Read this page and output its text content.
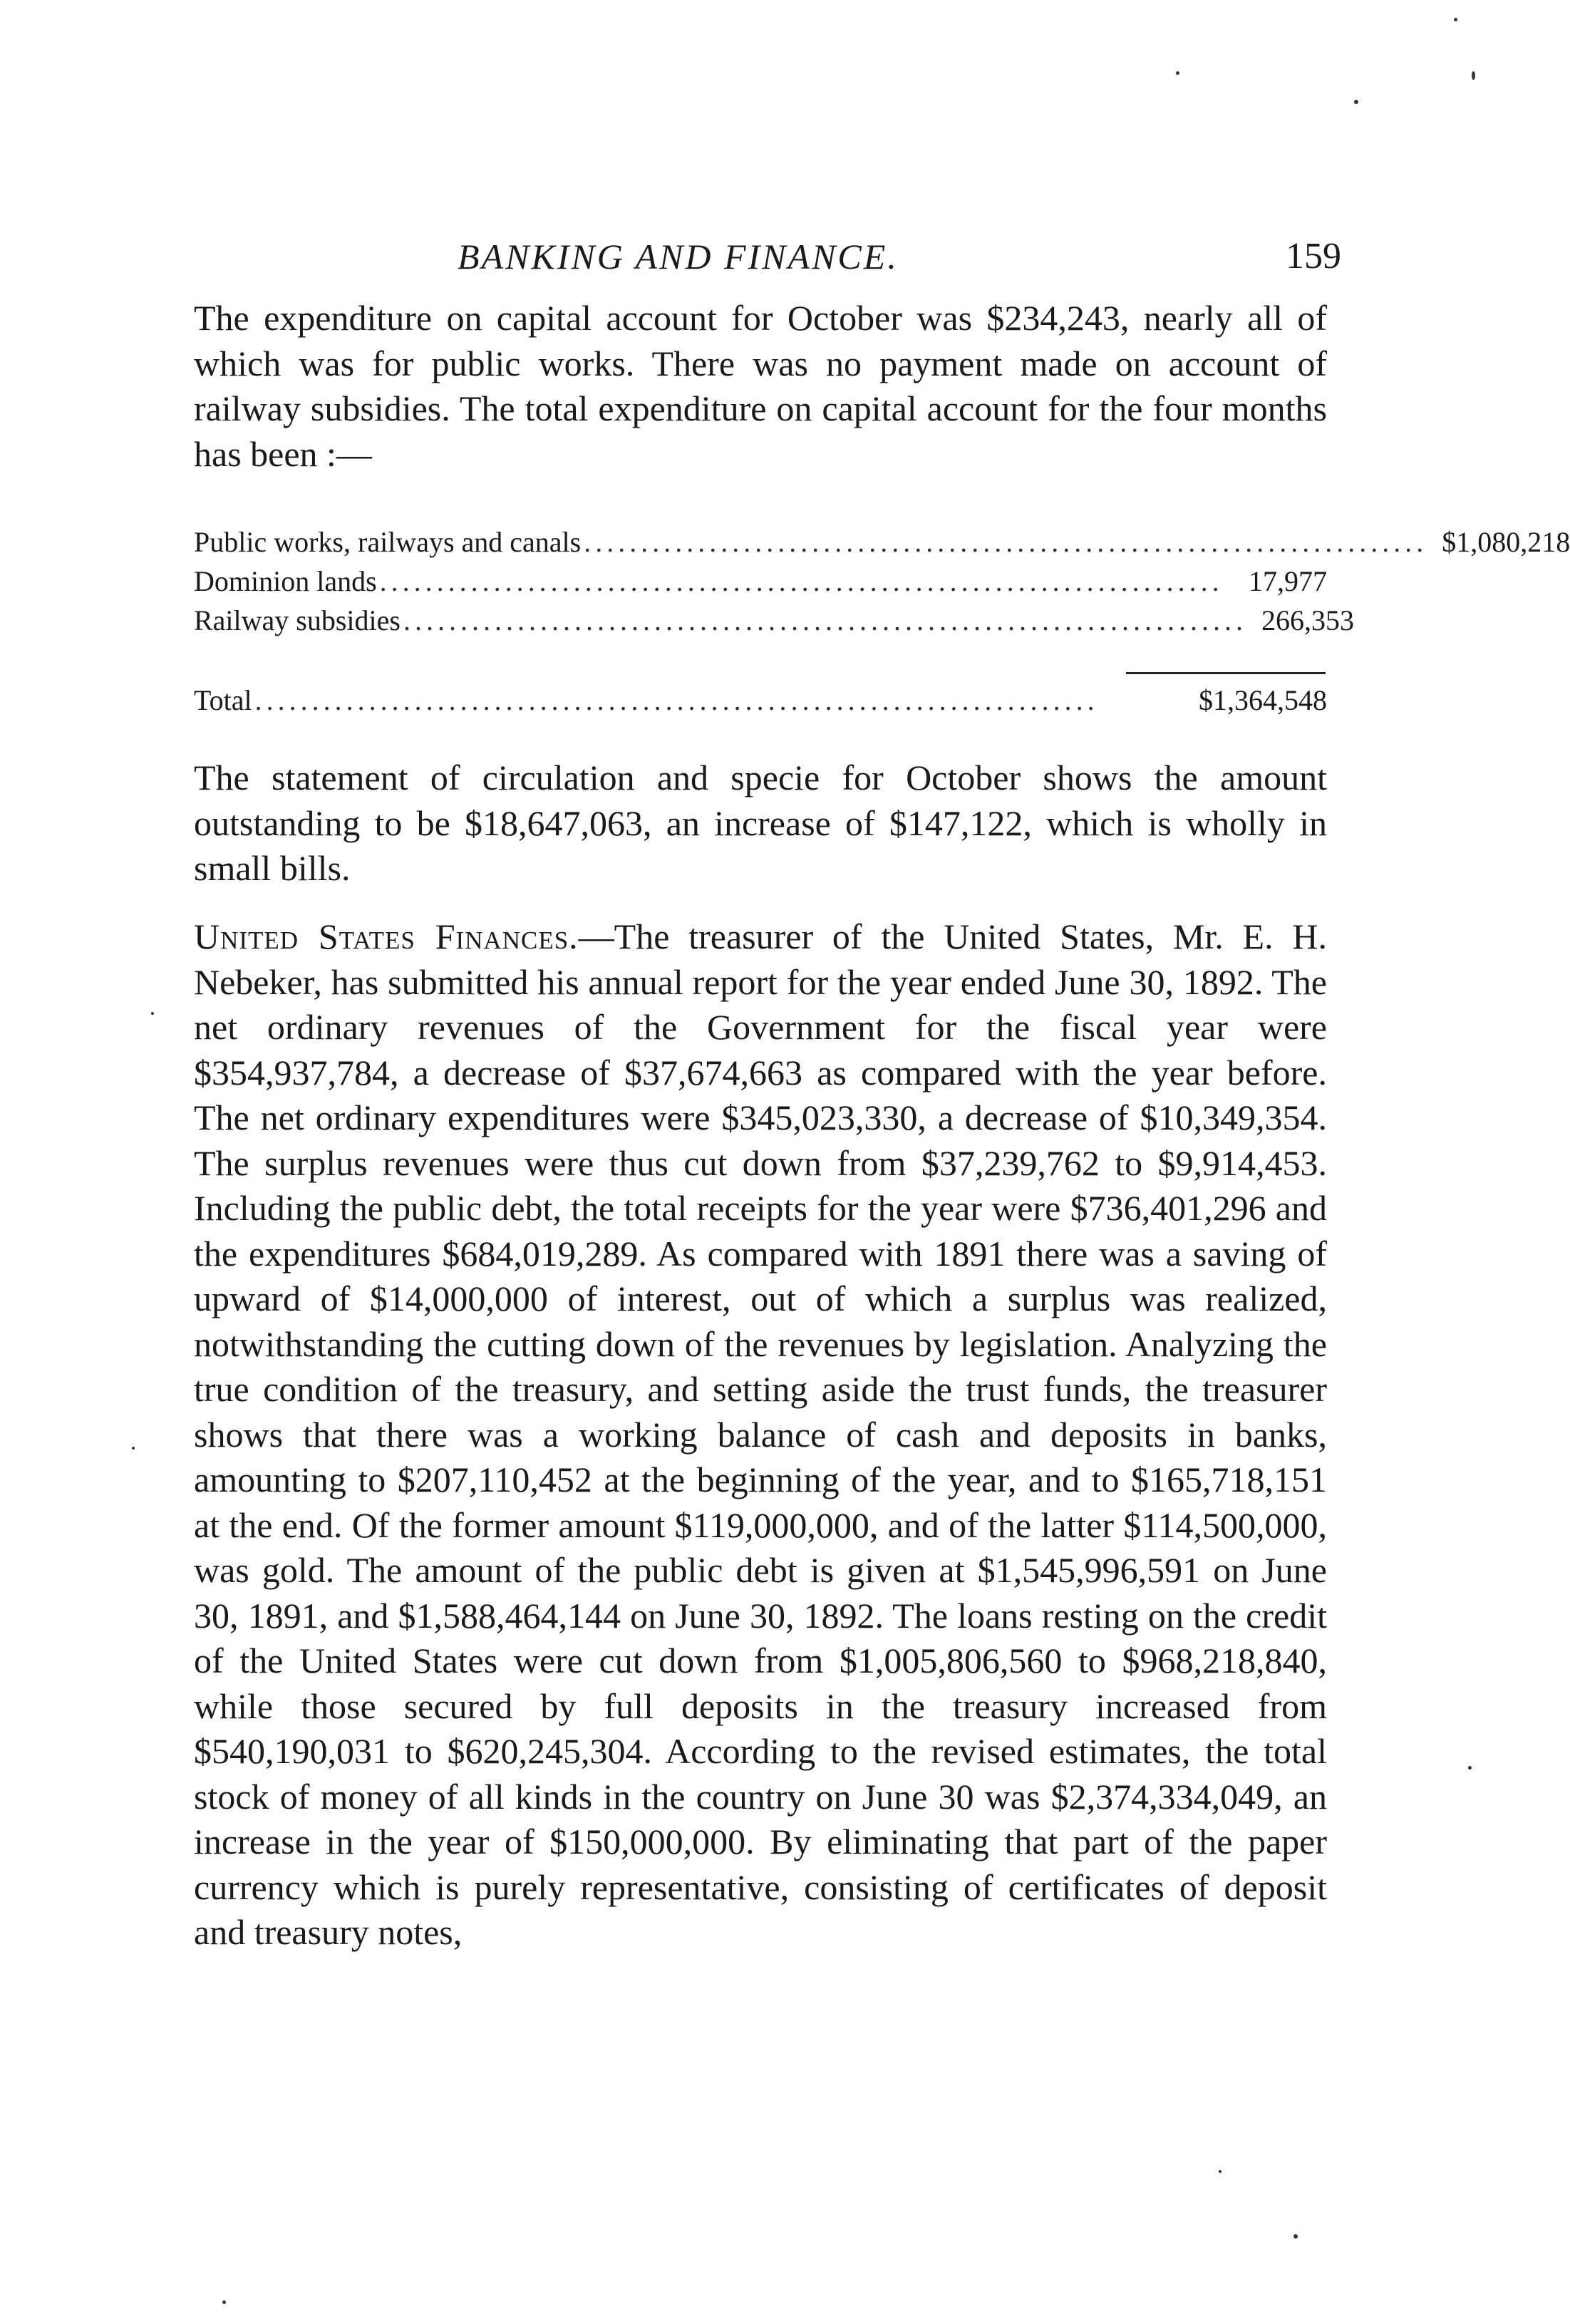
BANKING AND FINANCE.	159

The expenditure on capital account for October was $234,243, nearly all of which was for public works. There was no payment made on account of railway subsidies. The total expenditure on capital account for the four months has been :—

Public works, railways and canals .......................................................................... $1,080,218
Dominion lands .......................................................................... 17,977
Railway subsidies .......................................................................... 266,353
Total ..........................................................................	$1,364,548

The statement of circulation and specie for October shows the amount outstanding to be $18,647,063, an increase of $147,122, which is wholly in small bills.

United States Finances.—The treasurer of the United States, Mr. E. H. Nebeker, has submitted his annual report for the year ended June 30, 1892. The net ordinary revenues of the Government for the fiscal year were $354,937,784, a decrease of $37,674,663 as compared with the year before. The net ordinary expenditures were $345,023,330, a decrease of $10,349,354. The surplus revenues were thus cut down from $37,239,762 to $9,914,453. Including the public debt, the total receipts for the year were $736,401,296 and the expenditures $684,019,289. As compared with 1891 there was a saving of upward of $14,000,000 of interest, out of which a surplus was realized, notwithstanding the cutting down of the revenues by legislation. Analyzing the true condition of the treasury, and setting aside the trust funds, the treasurer shows that there was a working balance of cash and deposits in banks, amounting to $207,110,452 at the beginning of the year, and to $165,718,151 at the end. Of the former amount $119,000,000, and of the latter $114,500,000, was gold. The amount of the public debt is given at $1,545,996,591 on June 30, 1891, and $1,588,464,144 on June 30, 1892. The loans resting on the credit of the United States were cut down from $1,005,806,560 to $968,218,840, while those secured by full deposits in the treasury increased from $540,190,031 to $620,245,304. According to the revised estimates, the total stock of money of all kinds in the country on June 30 was $2,374,334,049, an increase in the year of $150,000,000. By eliminating that part of the paper currency which is purely representative, consisting of certificates of deposit and treasury notes,
